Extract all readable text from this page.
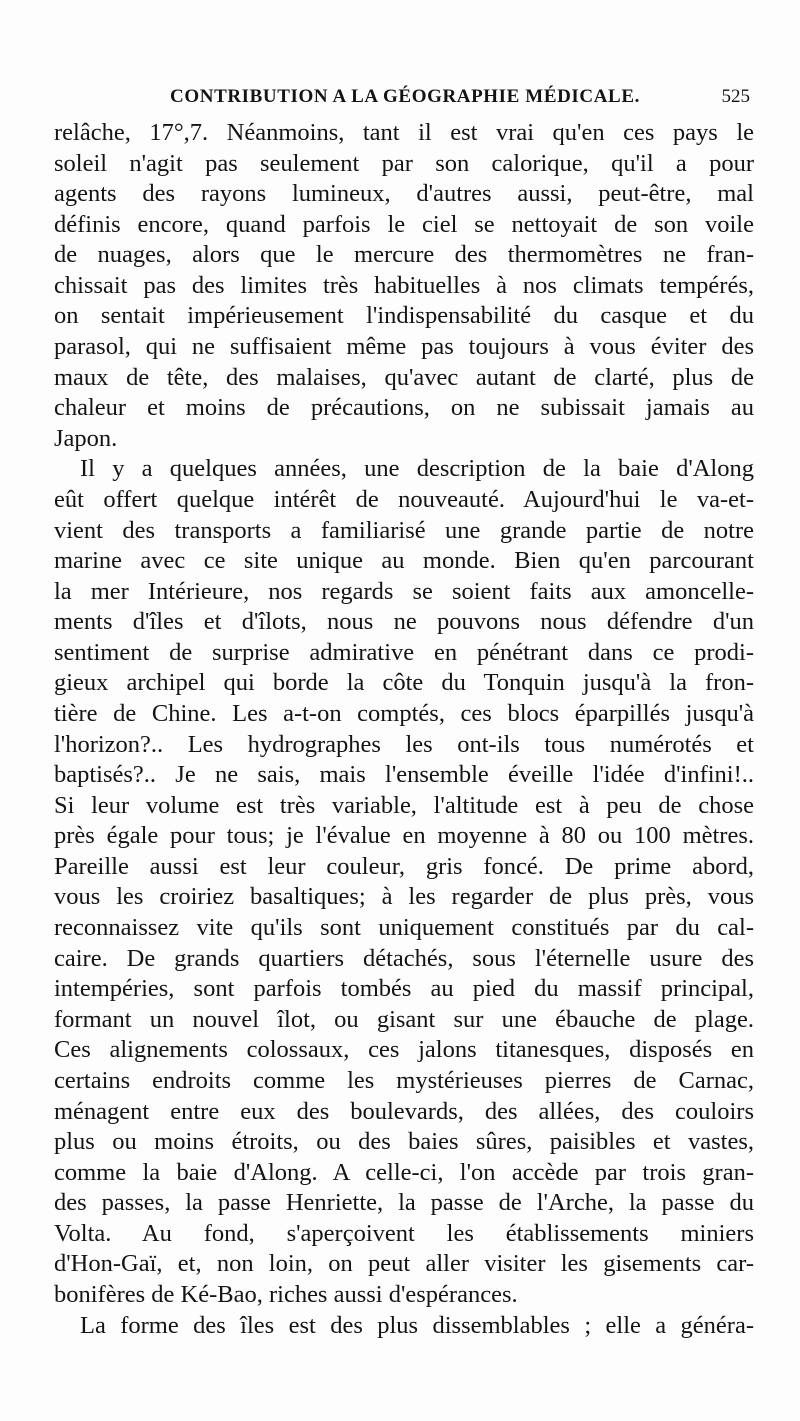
CONTRIBUTION A LA GÉOGRAPHIE MÉDICALE.	525
relâche, 17°,7. Néanmoins, tant il est vrai qu'en ces pays le
soleil n'agit pas seulement par son calorique, qu'il a pour
agents des rayons lumineux, d'autres aussi, peut-être, mal
définis encore, quand parfois le ciel se nettoyait de son voile
de nuages, alors que le mercure des thermomètres ne fran-
chissait pas des limites très habituelles à nos climats tempérés,
on sentait impérieusement l'indispensabilité du casque et du
parasol, qui ne suffisaient même pas toujours à vous éviter des
maux de tête, des malaises, qu'avec autant de clarté, plus de
chaleur et moins de précautions, on ne subissait jamais au
Japon.
Il y a quelques années, une description de la baie d'Along
eût offert quelque intérêt de nouveauté. Aujourd'hui le va-et-
vient des transports a familiarisé une grande partie de notre
marine avec ce site unique au monde. Bien qu'en parcourant
la mer Intérieure, nos regards se soient faits aux amoncelle-
ments d'îles et d'îlots, nous ne pouvons nous défendre d'un
sentiment de surprise admirative en pénétrant dans ce prodi-
gieux archipel qui borde la côte du Tonquin jusqu'à la fron-
tière de Chine. Les a-t-on comptés, ces blocs éparpillés jusqu'à
l'horizon?.. Les hydrographes les ont-ils tous numérotés et
baptisés?.. Je ne sais, mais l'ensemble éveille l'idée d'infini!..
Si leur volume est très variable, l'altitude est à peu de chose
près égale pour tous; je l'évalue en moyenne à 80 ou 100 mètres.
Pareille aussi est leur couleur, gris foncé. De prime abord,
vous les croiriez basaltiques; à les regarder de plus près, vous
reconnaissez vite qu'ils sont uniquement constitués par du cal-
caire. De grands quartiers détachés, sous l'éternelle usure des
intempéries, sont parfois tombés au pied du massif principal,
formant un nouvel îlot, ou gisant sur une ébauche de plage.
Ces alignements colossaux, ces jalons titanesques, disposés en
certains endroits comme les mystérieuses pierres de Carnac,
ménagent entre eux des boulevards, des allées, des couloirs
plus ou moins étroits, ou des baies sûres, paisibles et vastes,
comme la baie d'Along. A celle-ci, l'on accède par trois gran-
des passes, la passe Henriette, la passe de l'Arche, la passe du
Volta. Au fond, s'aperçoivent les établissements miniers
d'Hon-Gaï, et, non loin, on peut aller visiter les gisements car-
bonifères de Ké-Bao, riches aussi d'espérances.
La forme des îles est des plus dissemblables ; elle a généra-
